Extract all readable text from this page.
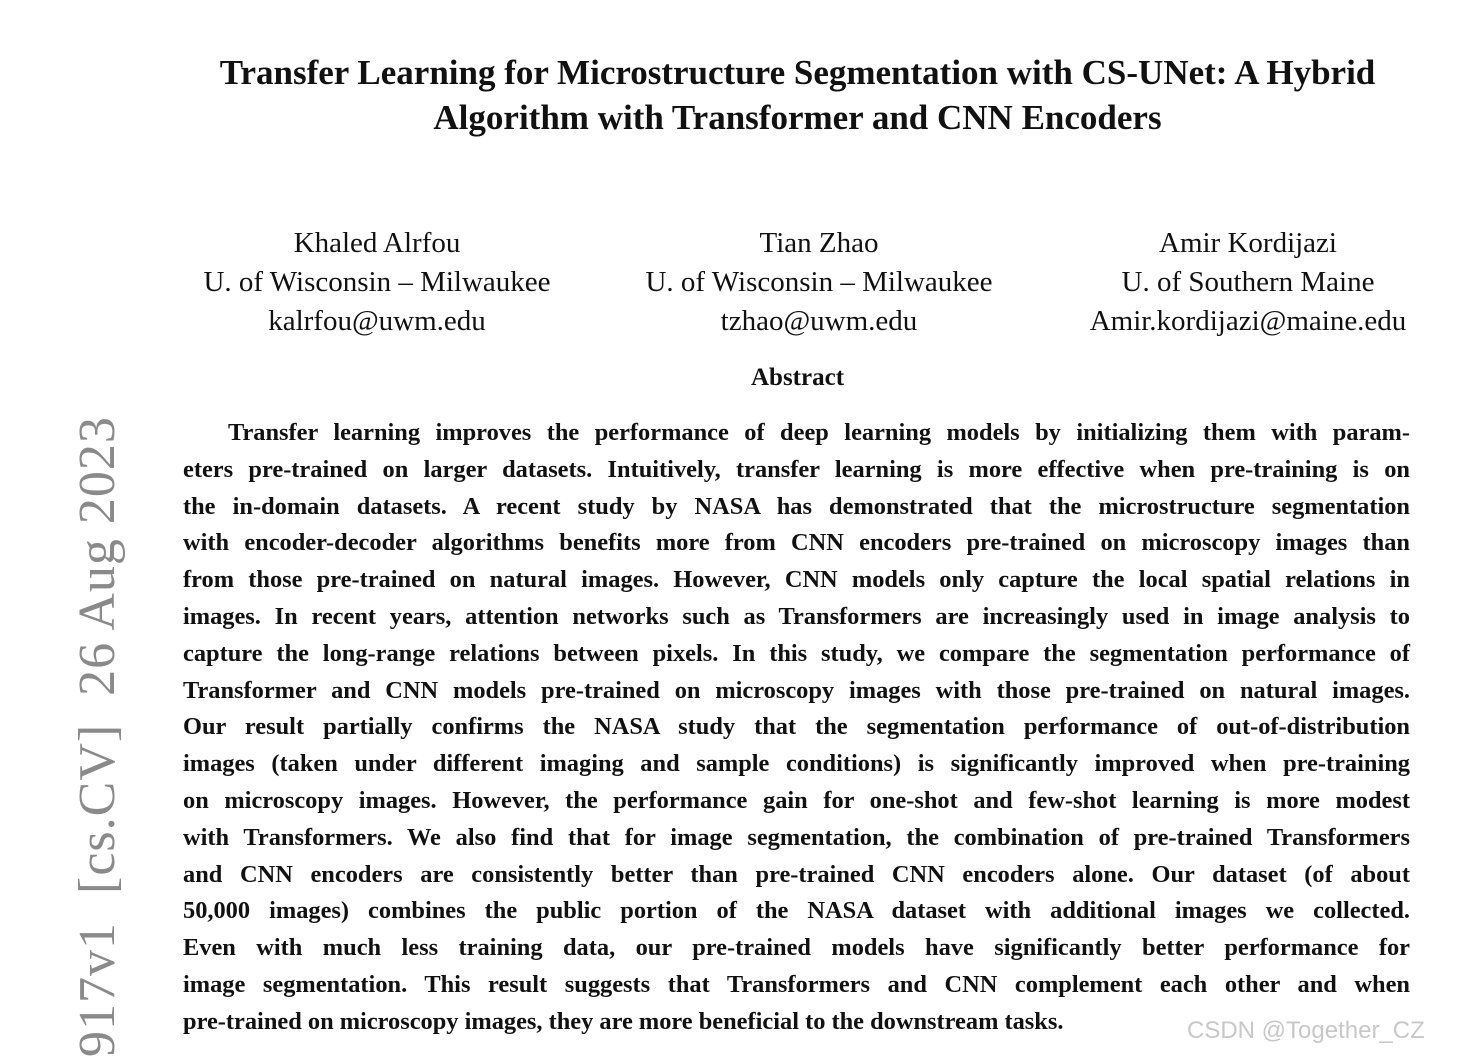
Transfer Learning for Microstructure Segmentation with CS-UNet: A Hybrid
Algorithm with Transformer and CNN Encoders
Khaled Alrfou
U. of Wisconsin – Milwaukee
kalrfou@uwm.edu
Tian Zhao
U. of Wisconsin – Milwaukee
tzhao@uwm.edu
Amir Kordijazi
U. of Southern Maine
Amir.kordijazi@maine.edu
Abstract
Transfer learning improves the performance of deep learning models by initializing them with param-
eters pre-trained on larger datasets. Intuitively, transfer learning is more effective when pre-training is on
the in-domain datasets. A recent study by NASA has demonstrated that the microstructure segmentation
with encoder-decoder algorithms benefits more from CNN encoders pre-trained on microscopy images than
from those pre-trained on natural images. However, CNN models only capture the local spatial relations in
images. In recent years, attention networks such as Transformers are increasingly used in image analysis to
capture the long-range relations between pixels. In this study, we compare the segmentation performance of
Transformer and CNN models pre-trained on microscopy images with those pre-trained on natural images.
Our result partially confirms the NASA study that the segmentation performance of out-of-distribution
images (taken under different imaging and sample conditions) is significantly improved when pre-training
on microscopy images. However, the performance gain for one-shot and few-shot learning is more modest
with Transformers. We also find that for image segmentation, the combination of pre-trained Transformers
and CNN encoders are consistently better than pre-trained CNN encoders alone. Our dataset (of about
50,000 images) combines the public portion of the NASA dataset with additional images we collected.
Even with much less training data, our pre-trained models have significantly better performance for
image segmentation. This result suggests that Transformers and CNN complement each other and when
pre-trained on microscopy images, they are more beneficial to the downstream tasks.
917v1  [cs.CV]  26 Aug 2023	CSDN @Together_CZ
